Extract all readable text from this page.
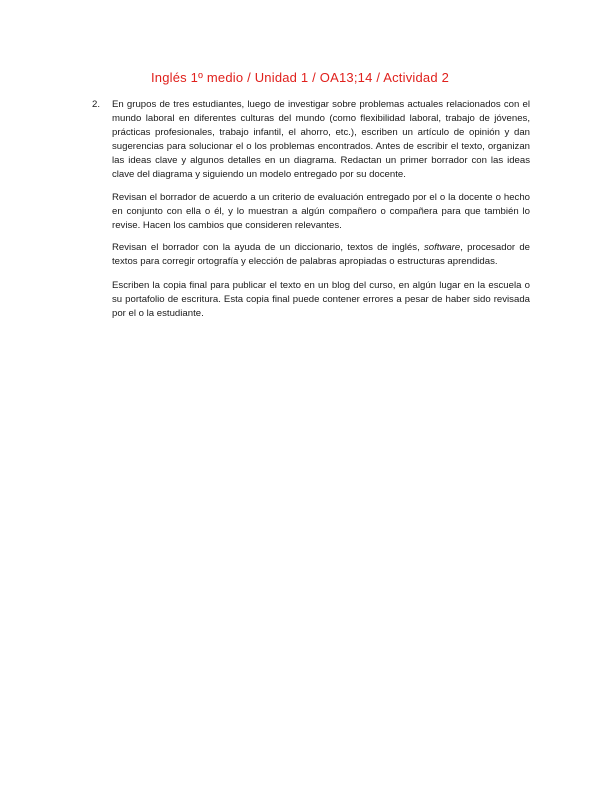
Inglés 1º medio / Unidad 1 / OA13;14 / Actividad 2
2.	En grupos de tres estudiantes, luego de investigar sobre problemas actuales relacionados con el mundo laboral en diferentes culturas del mundo (como flexibilidad laboral, trabajo de jóvenes, prácticas profesionales, trabajo infantil, el ahorro, etc.), escriben un artículo de opinión y dan sugerencias para solucionar el o los problemas encontrados. Antes de escribir el texto, organizan las ideas clave y algunos detalles en un diagrama. Redactan un primer borrador con las ideas clave del diagrama y siguiendo un modelo entregado por su docente.

Revisan el borrador de acuerdo a un criterio de evaluación entregado por el o la docente o hecho en conjunto con ella o él, y lo muestran a algún compañero o compañera para que también lo revise. Hacen los cambios que consideren relevantes.

Revisan el borrador con la ayuda de un diccionario, textos de inglés, software, procesador de textos para corregir ortografía y elección de palabras apropiadas o estructuras aprendidas.

Escriben la copia final para publicar el texto en un blog del curso, en algún lugar en la escuela o su portafolio de escritura. Esta copia final puede contener errores a pesar de haber sido revisada por el o la estudiante.
